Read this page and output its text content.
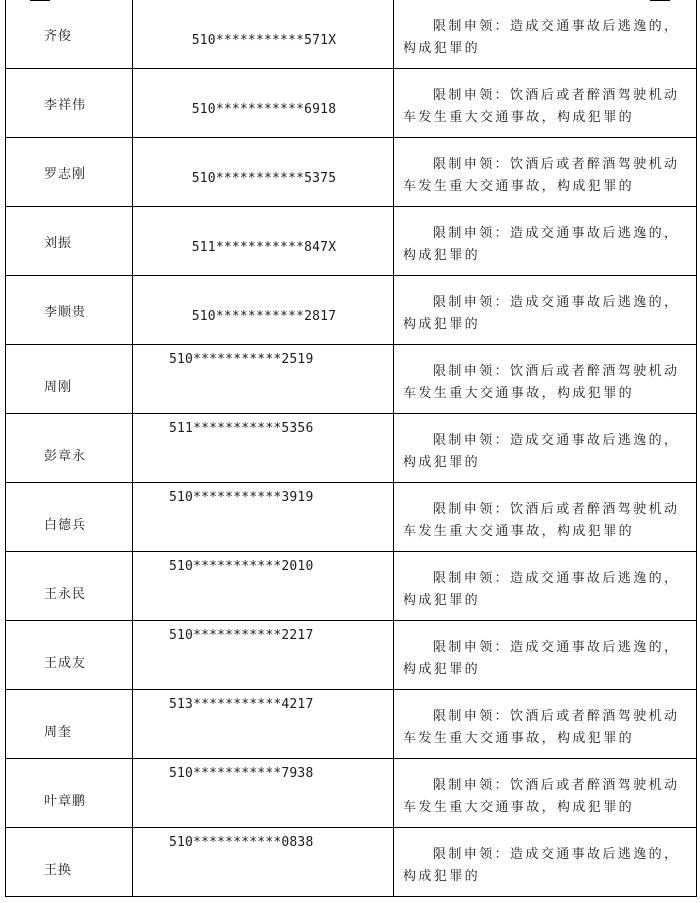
齐俊	510***********571X	限制申领：造成交通事故后逃逸的，构成犯罪的

李祥伟	510***********6918	限制申领：饮酒后或者醉酒驾驶机动车发生重大交通事故，构成犯罪的

罗志刚	510***********5375	限制申领：饮酒后或者醉酒驾驶机动车发生重大交通事故，构成犯罪的

刘振	511***********847X	限制申领：造成交通事故后逃逸的，构成犯罪的

李顺贵	510***********2817	限制申领：造成交通事故后逃逸的，构成犯罪的

周刚	510***********2519	限制申领：饮酒后或者醉酒驾驶机动车发生重大交通事故，构成犯罪的

彭章永	511***********5356	限制申领：造成交通事故后逃逸的，构成犯罪的

白德兵	510***********3919	限制申领：饮酒后或者醉酒驾驶机动车发生重大交通事故，构成犯罪的

王永民	510***********2010	限制申领：造成交通事故后逃逸的，构成犯罪的

王成友	510***********2217	限制申领：造成交通事故后逃逸的，构成犯罪的

周奎	513***********4217	限制申领：饮酒后或者醉酒驾驶机动车发生重大交通事故，构成犯罪的

叶章鹏	510***********7938	限制申领：饮酒后或者醉酒驾驶机动车发生重大交通事故，构成犯罪的

王换	510***********0838	限制申领：造成交通事故后逃逸的，构成犯罪的
